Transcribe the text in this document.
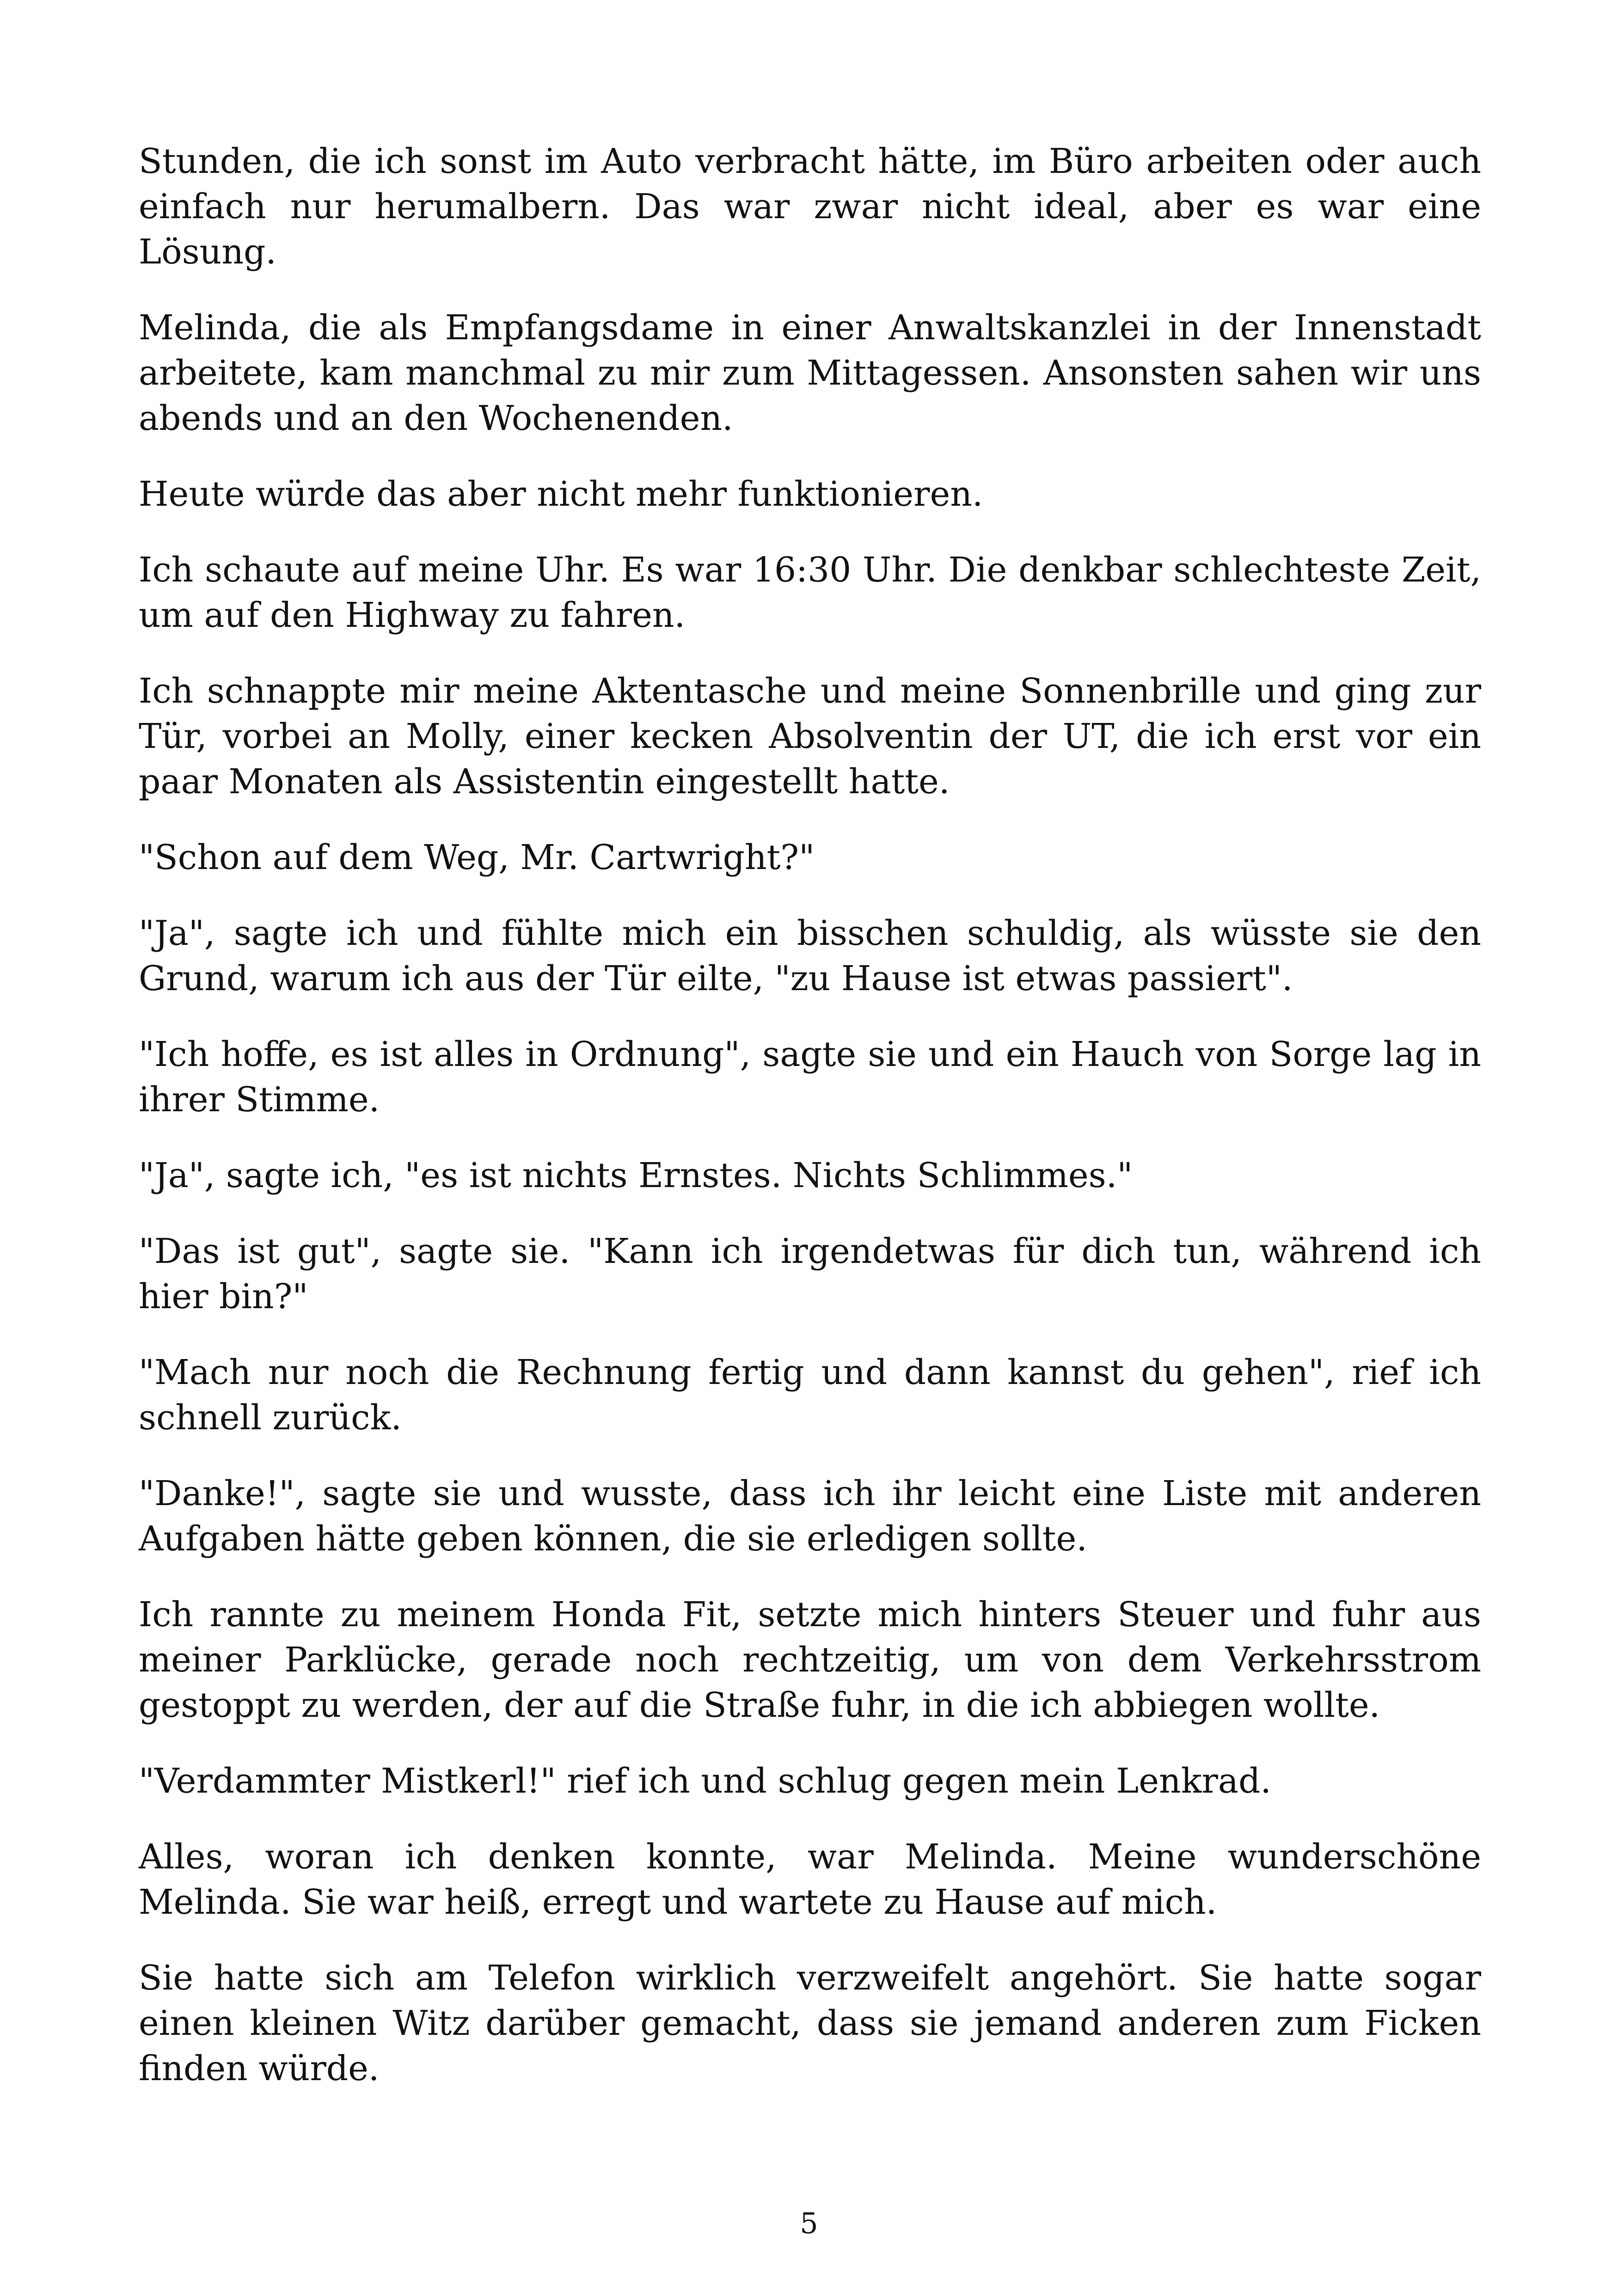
Stunden, die ich sonst im Auto verbracht hätte, im Büro arbeiten oder auch einfach nur herumalbern. Das war zwar nicht ideal, aber es war eine Lösung.

Melinda, die als Empfangsdame in einer Anwaltskanzlei in der Innenstadt arbeitete, kam manchmal zu mir zum Mittagessen. Ansonsten sahen wir uns abends und an den Wochenenden.

Heute würde das aber nicht mehr funktionieren.

Ich schaute auf meine Uhr. Es war 16:30 Uhr. Die denkbar schlechteste Zeit, um auf den Highway zu fahren.

Ich schnappte mir meine Aktentasche und meine Sonnenbrille und ging zur Tür, vorbei an Molly, einer kecken Absolventin der UT, die ich erst vor ein paar Monaten als Assistentin eingestellt hatte.

"Schon auf dem Weg, Mr. Cartwright?"

"Ja", sagte ich und fühlte mich ein bisschen schuldig, als wüsste sie den Grund, warum ich aus der Tür eilte, "zu Hause ist etwas passiert".

"Ich hoffe, es ist alles in Ordnung", sagte sie und ein Hauch von Sorge lag in ihrer Stimme.

"Ja", sagte ich, "es ist nichts Ernstes. Nichts Schlimmes."

"Das ist gut", sagte sie. "Kann ich irgendetwas für dich tun, während ich hier bin?"

"Mach nur noch die Rechnung fertig und dann kannst du gehen", rief ich schnell zurück.

"Danke!", sagte sie und wusste, dass ich ihr leicht eine Liste mit anderen Aufgaben hätte geben können, die sie erledigen sollte.

Ich rannte zu meinem Honda Fit, setzte mich hinters Steuer und fuhr aus meiner Parklücke, gerade noch rechtzeitig, um von dem Verkehrsstrom gestoppt zu werden, der auf die Straße fuhr, in die ich abbiegen wollte.

"Verdammter Mistkerl!" rief ich und schlug gegen mein Lenkrad.

Alles, woran ich denken konnte, war Melinda. Meine wunderschöne Melinda. Sie war heiß, erregt und wartete zu Hause auf mich.

Sie hatte sich am Telefon wirklich verzweifelt angehört. Sie hatte sogar einen kleinen Witz darüber gemacht, dass sie jemand anderen zum Ficken finden würde.

5
